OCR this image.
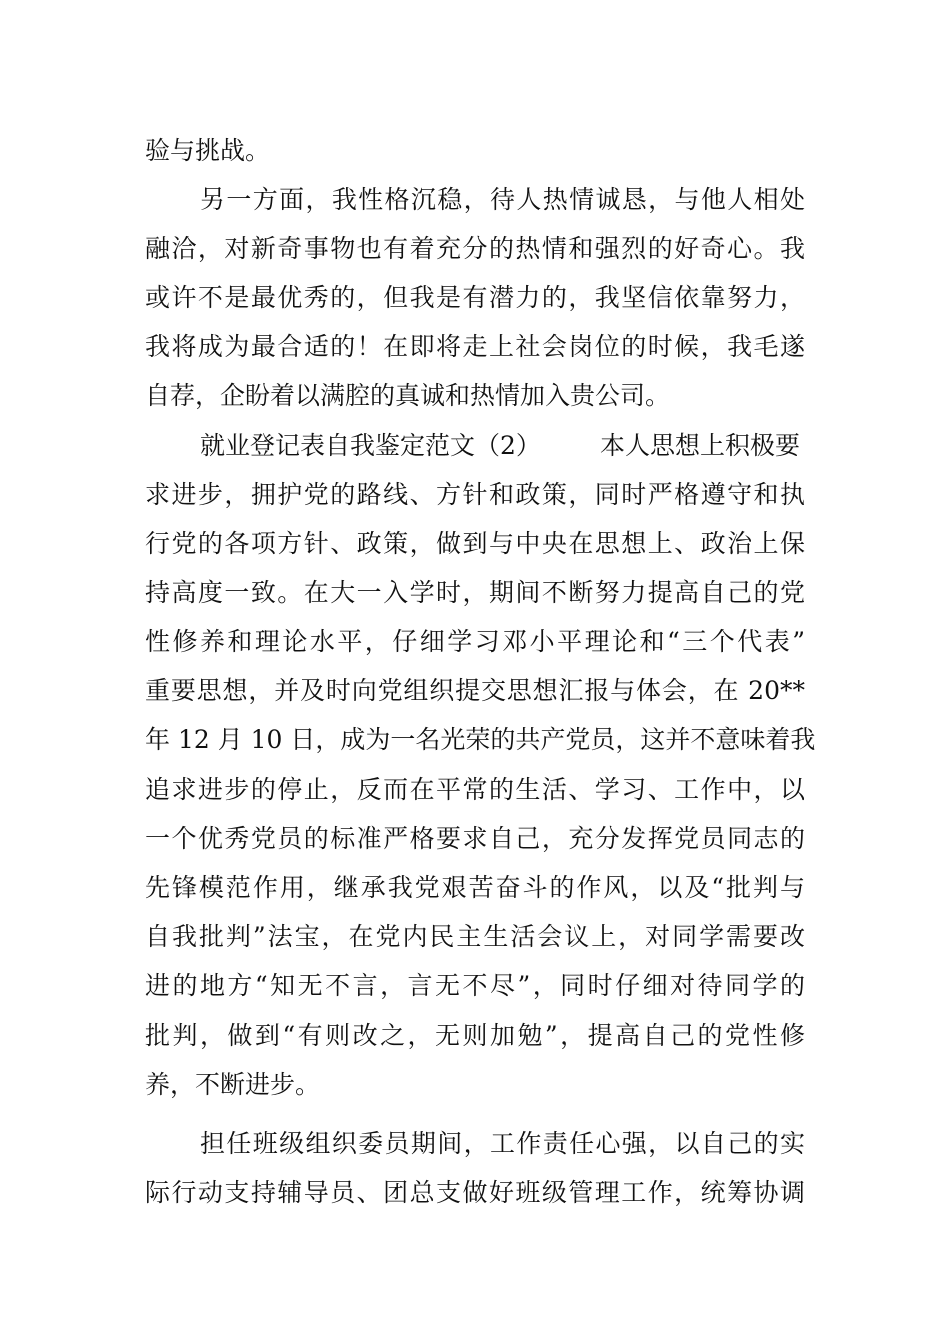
验与挑战。
另一方面，我性格沉稳，待人热情诚恳，与他人相处
融洽，对新奇事物也有着充分的热情和强烈的好奇心。我
或许不是最优秀的，但我是有潜力的，我坚信依靠努力，
我将成为最合适的！在即将走上社会岗位的时候，我毛遂
自荐，企盼着以满腔的真诚和热情加入贵公司。
就业登记表自我鉴定范文（2） 本人思想上积极要
求进步，拥护党的路线、方针和政策，同时严格遵守和执
行党的各项方针、政策，做到与中央在思想上、政治上保
持高度一致。在大一入学时，期间不断努力提高自己的党
性修养和理论水平，仔细学习邓小平理论和“三个代表”
重要思想，并及时向党组织提交思想汇报与体会，在 20**
年 12 月 10 日，成为一名光荣的共产党员，这并不意味着我
追求进步的停止，反而在平常的生活、学习、工作中，以
一个优秀党员的标准严格要求自己，充分发挥党员同志的
先锋模范作用，继承我党艰苦奋斗的作风，以及“批判与
自我批判”法宝，在党内民主生活会议上，对同学需要改
进的地方“知无不言，言无不尽”，同时仔细对待同学的
批判，做到“有则改之，无则加勉”，提高自己的党性修
养，不断进步。
担任班级组织委员期间，工作责任心强，以自己的实
际行动支持辅导员、团总支做好班级管理工作，统筹协调
